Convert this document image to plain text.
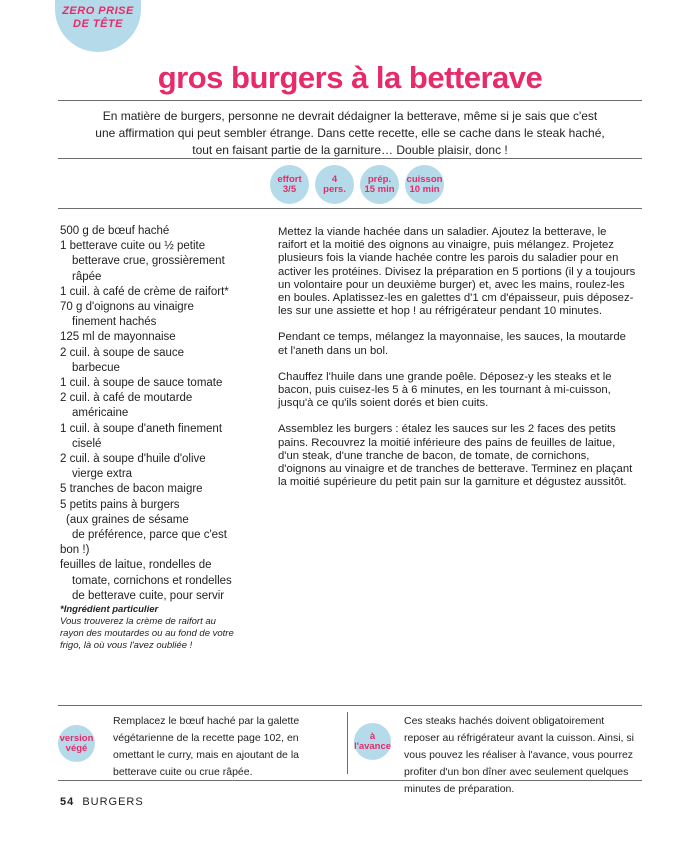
ZERO PRISE
DE TÊTE
gros burgers à la betterave

En matière de burgers, personne ne devrait dédaigner la betterave, même si je sais que c'est une affirmation qui peut sembler étrange. Dans cette recette, elle se cache dans le steak haché, tout en faisant partie de la garniture… Double plaisir, donc !

effort
3/5
4
pers.
prép.
15 min
cuisson
10 min
500 g de bœuf haché
1 betterave cuite ou ½ petite
betterave crue, grossièrement
râpée
1 cuil. à café de crème de raifort*
70 g d'oignons au vinaigre
finement hachés
125 ml de mayonnaise
2 cuil. à soupe de sauce
barbecue
1 cuil. à soupe de sauce tomate
2 cuil. à café de moutarde
américaine
1 cuil. à soupe d'aneth finement
ciselé
2 cuil. à soupe d'huile d'olive
vierge extra
5 tranches de bacon maigre
5 petits pains à burgers
(aux graines de sésame
de préférence, parce que c'est
bon !)
feuilles de laitue, rondelles de
tomate, cornichons et rondelles
de betterave cuite, pour servir
*Ingrédient particulier
Vous trouverez la crème de raifort au rayon des moutardes ou au fond de votre frigo, là où vous l'avez oubliée !

Mettez la viande hachée dans un saladier. Ajoutez la betterave, le raifort et la moitié des oignons au vinaigre, puis mélangez. Projetez plusieurs fois la viande hachée contre les parois du saladier pour en activer les protéines. Divisez la préparation en 5 portions (il y a toujours un volontaire pour un deuxième burger) et, avec les mains, roulez-les en boules. Aplatissez-les en galettes d'1 cm d'épaisseur, puis déposez-les sur une assiette et hop ! au réfrigérateur pendant 10 minutes.

Pendant ce temps, mélangez la mayonnaise, les sauces, la moutarde et l'aneth dans un bol.

Chauffez l'huile dans une grande poêle. Déposez-y les steaks et le bacon, puis cuisez-les 5 à 6 minutes, en les tournant à mi-cuisson, jusqu'à ce qu'ils soient dorés et bien cuits.

Assemblez les burgers : étalez les sauces sur les 2 faces des petits pains. Recouvrez la moitié inférieure des pains de feuilles de laitue, d'un steak, d'une tranche de bacon, de tomate, de cornichons, d'oignons au vinaigre et de tranches de betterave. Terminez en plaçant la moitié supérieure du petit pain sur la garniture et dégustez aussitôt.

version
végé

Remplacez le bœuf haché par la galette végétarienne de la recette page 102, en omettant le curry, mais en ajoutant de la betterave cuite ou crue râpée.

à
l'avance

Ces steaks hachés doivent obligatoirement reposer au réfrigérateur avant la cuisson. Ainsi, si vous pouvez les réaliser à l'avance, vous pourrez profiter d'un bon dîner avec seulement quelques minutes de préparation.

54 BURGERS
